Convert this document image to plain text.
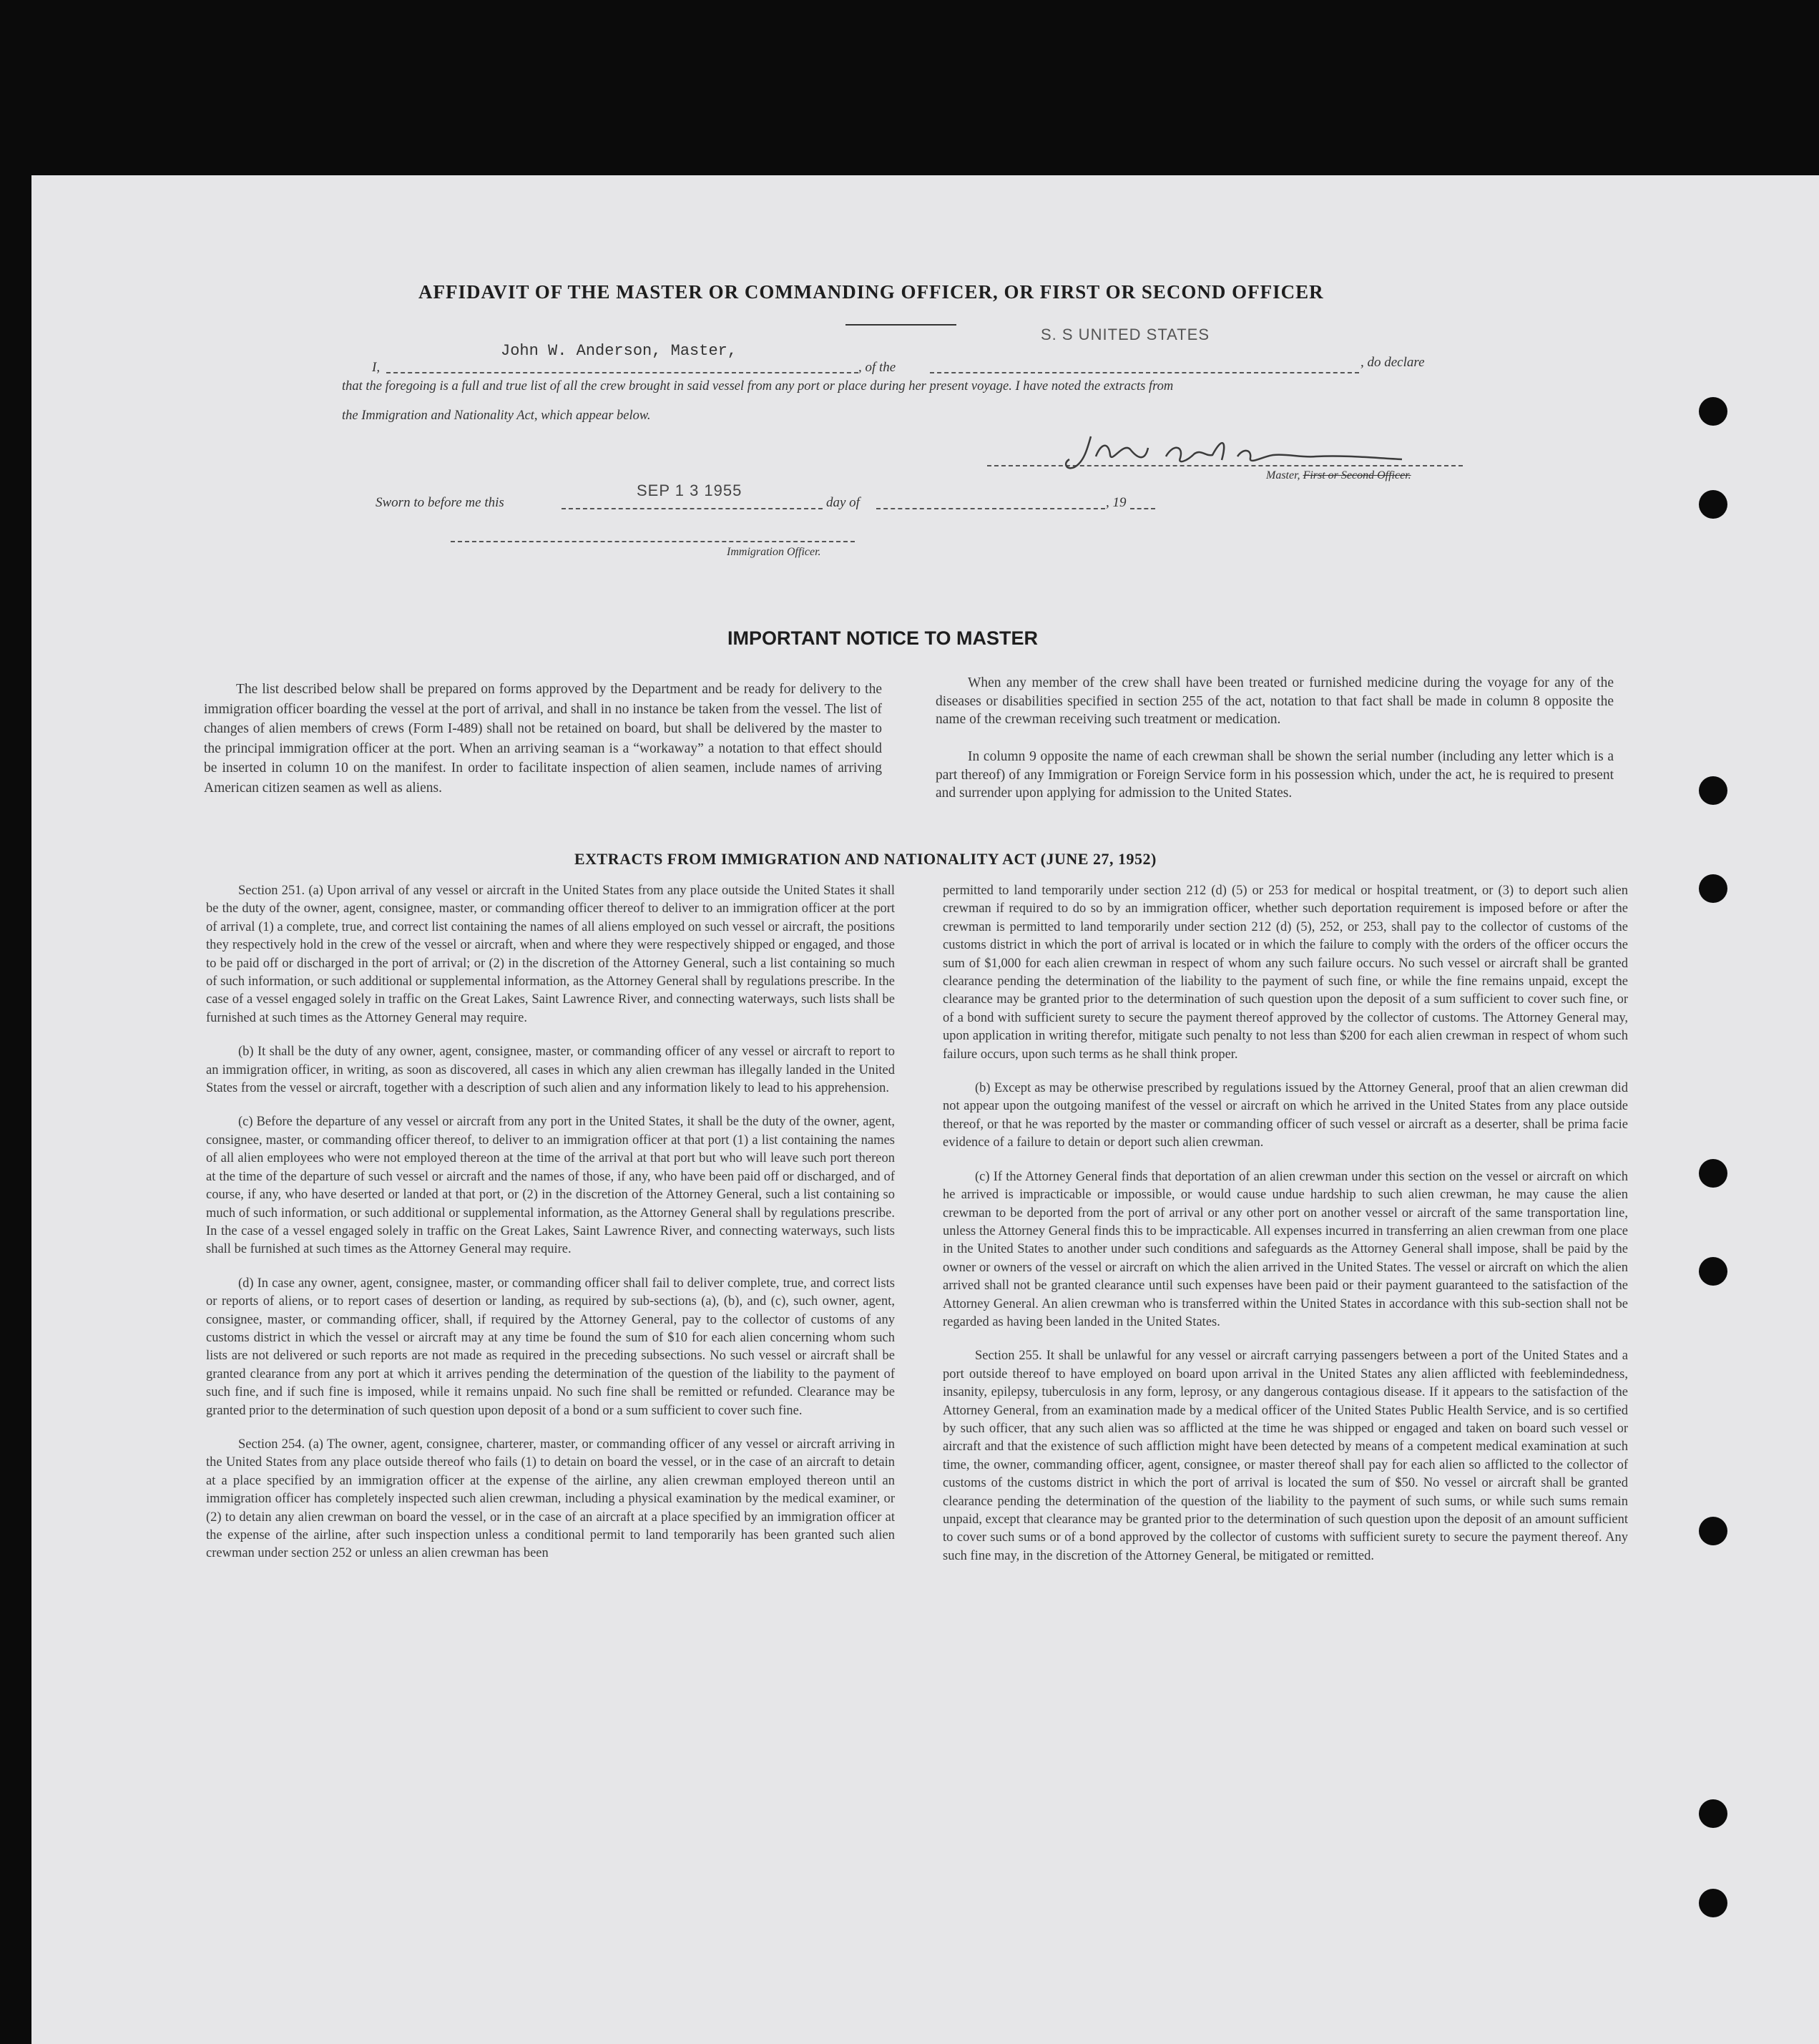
AFFIDAVIT OF THE MASTER OR COMMANDING OFFICER, OR FIRST OR SECOND OFFICER
I,
John W. Anderson, Master,
, of the
S. S UNITED STATES
, do declare
that the foregoing is a full and true list of all the crew brought in said vessel from any port or place during her present voyage. I have noted the extracts from
the Immigration and Nationality Act, which appear below.
Master, First or Second Officer.
Sworn to before me this
SEP 1 3 1955
day of	, 19
Immigration Officer.
IMPORTANT NOTICE TO MASTER
The list described below shall be prepared on forms approved by the Department and be ready for delivery to the immigration officer boarding the vessel at the port of arrival, and shall in no instance be taken from the vessel. The list of changes of alien members of crews (Form I-489) shall not be retained on board, but shall be delivered by the master to the principal immigration officer at the port. When an arriving seaman is a “workaway” a notation to that effect should be inserted in column 10 on the manifest. In order to facilitate inspection of alien seamen, include names of arriving American citizen seamen as well as aliens.
When any member of the crew shall have been treated or furnished medicine during the voyage for any of the diseases or disabilities specified in section 255 of the act, notation to that fact shall be made in column 8 opposite the name of the crewman receiving such treatment or medication.
In column 9 opposite the name of each crewman shall be shown the serial number (including any letter which is a part thereof) of any Immigration or Foreign Service form in his possession which, under the act, he is required to present and surrender upon applying for admission to the United States.
EXTRACTS FROM IMMIGRATION AND NATIONALITY ACT (JUNE 27, 1952)

Section 251. (a) Upon arrival of any vessel or aircraft in the United States from any place outside the United States it shall be the duty of the owner, agent, consignee, master, or commanding officer thereof to deliver to an immigration officer at the port of arrival (1) a complete, true, and correct list containing the names of all aliens employed on such vessel or aircraft, the positions they respectively hold in the crew of the vessel or aircraft, when and where they were respectively shipped or engaged, and those to be paid off or discharged in the port of arrival; or (2) in the discretion of the Attorney General, such a list containing so much of such information, or such additional or supplemental information, as the Attorney General shall by regulations prescribe. In the case of a vessel engaged solely in traffic on the Great Lakes, Saint Lawrence River, and connecting waterways, such lists shall be furnished at such times as the Attorney General may require.

(b) It shall be the duty of any owner, agent, consignee, master, or commanding officer of any vessel or aircraft to report to an immigration officer, in writing, as soon as discovered, all cases in which any alien crewman has illegally landed in the United States from the vessel or aircraft, together with a description of such alien and any information likely to lead to his apprehension.

(c) Before the departure of any vessel or aircraft from any port in the United States, it shall be the duty of the owner, agent, consignee, master, or commanding officer thereof, to deliver to an immigration officer at that port (1) a list containing the names of all alien employees who were not employed thereon at the time of the arrival at that port but who will leave such port thereon at the time of the departure of such vessel or aircraft and the names of those, if any, who have been paid off or discharged, and of course, if any, who have deserted or landed at that port, or (2) in the discretion of the Attorney General, such a list containing so much of such information, or such additional or supplemental information, as the Attorney General shall by regulations prescribe. In the case of a vessel engaged solely in traffic on the Great Lakes, Saint Lawrence River, and connecting waterways, such lists shall be furnished at such times as the Attorney General may require.

(d) In case any owner, agent, consignee, master, or commanding officer shall fail to deliver complete, true, and correct lists or reports of aliens, or to report cases of desertion or landing, as required by sub-sections (a), (b), and (c), such owner, agent, consignee, master, or commanding officer, shall, if required by the Attorney General, pay to the collector of customs of any customs district in which the vessel or aircraft may at any time be found the sum of $10 for each alien concerning whom such lists are not delivered or such reports are not made as required in the preceding subsections. No such vessel or aircraft shall be granted clearance from any port at which it arrives pending the determination of the question of the liability to the payment of such fine, and if such fine is imposed, while it remains unpaid. No such fine shall be remitted or refunded. Clearance may be granted prior to the determination of such question upon deposit of a bond or a sum sufficient to cover such fine.

Section 254. (a) The owner, agent, consignee, charterer, master, or commanding officer of any vessel or aircraft arriving in the United States from any place outside thereof who fails (1) to detain on board the vessel, or in the case of an aircraft to detain at a place specified by an immigration officer at the expense of the airline, any alien crewman employed thereon until an immigration officer has completely inspected such alien crewman, including a physical examination by the medical examiner, or (2) to detain any alien crewman on board the vessel, or in the case of an aircraft at a place specified by an immigration officer at the expense of the airline, after such inspection unless a conditional permit to land temporarily has been granted such alien crewman under section 252 or unless an alien crewman has been

permitted to land temporarily under section 212 (d) (5) or 253 for medical or hospital treatment, or (3) to deport such alien crewman if required to do so by an immigration officer, whether such deportation requirement is imposed before or after the crewman is permitted to land temporarily under section 212 (d) (5), 252, or 253, shall pay to the collector of customs of the customs district in which the port of arrival is located or in which the failure to comply with the orders of the officer occurs the sum of $1,000 for each alien crewman in respect of whom any such failure occurs. No such vessel or aircraft shall be granted clearance pending the determination of the liability to the payment of such fine, or while the fine remains unpaid, except the clearance may be granted prior to the determination of such question upon the deposit of a sum sufficient to cover such fine, or of a bond with sufficient surety to secure the payment thereof approved by the collector of customs. The Attorney General may, upon application in writing therefor, mitigate such penalty to not less than $200 for each alien crewman in respect of whom such failure occurs, upon such terms as he shall think proper.

(b) Except as may be otherwise prescribed by regulations issued by the Attorney General, proof that an alien crewman did not appear upon the outgoing manifest of the vessel or aircraft on which he arrived in the United States from any place outside thereof, or that he was reported by the master or commanding officer of such vessel or aircraft as a deserter, shall be prima facie evidence of a failure to detain or deport such alien crewman.

(c) If the Attorney General finds that deportation of an alien crewman under this section on the vessel or aircraft on which he arrived is impracticable or impossible, or would cause undue hardship to such alien crewman, he may cause the alien crewman to be deported from the port of arrival or any other port on another vessel or aircraft of the same transportation line, unless the Attorney General finds this to be impracticable. All expenses incurred in transferring an alien crewman from one place in the United States to another under such conditions and safeguards as the Attorney General shall impose, shall be paid by the owner or owners of the vessel or aircraft on which the alien arrived in the United States. The vessel or aircraft on which the alien arrived shall not be granted clearance until such expenses have been paid or their payment guaranteed to the satisfaction of the Attorney General. An alien crewman who is transferred within the United States in accordance with this sub-section shall not be regarded as having been landed in the United States.

Section 255. It shall be unlawful for any vessel or aircraft carrying passengers between a port of the United States and a port outside thereof to have employed on board upon arrival in the United States any alien afflicted with feeblemindedness, insanity, epilepsy, tuberculosis in any form, leprosy, or any dangerous contagious disease. If it appears to the satisfaction of the Attorney General, from an examination made by a medical officer of the United States Public Health Service, and is so certified by such officer, that any such alien was so afflicted at the time he was shipped or engaged and taken on board such vessel or aircraft and that the existence of such affliction might have been detected by means of a competent medical examination at such time, the owner, commanding officer, agent, consignee, or master thereof shall pay for each alien so afflicted to the collector of customs of the customs district in which the port of arrival is located the sum of $50. No vessel or aircraft shall be granted clearance pending the determination of the question of the liability to the payment of such sums, or while such sums remain unpaid, except that clearance may be granted prior to the determination of such question upon the deposit of an amount sufficient to cover such sums or of a bond approved by the collector of customs with sufficient surety to secure the payment thereof. Any such fine may, in the discretion of the Attorney General, be mitigated or remitted.
